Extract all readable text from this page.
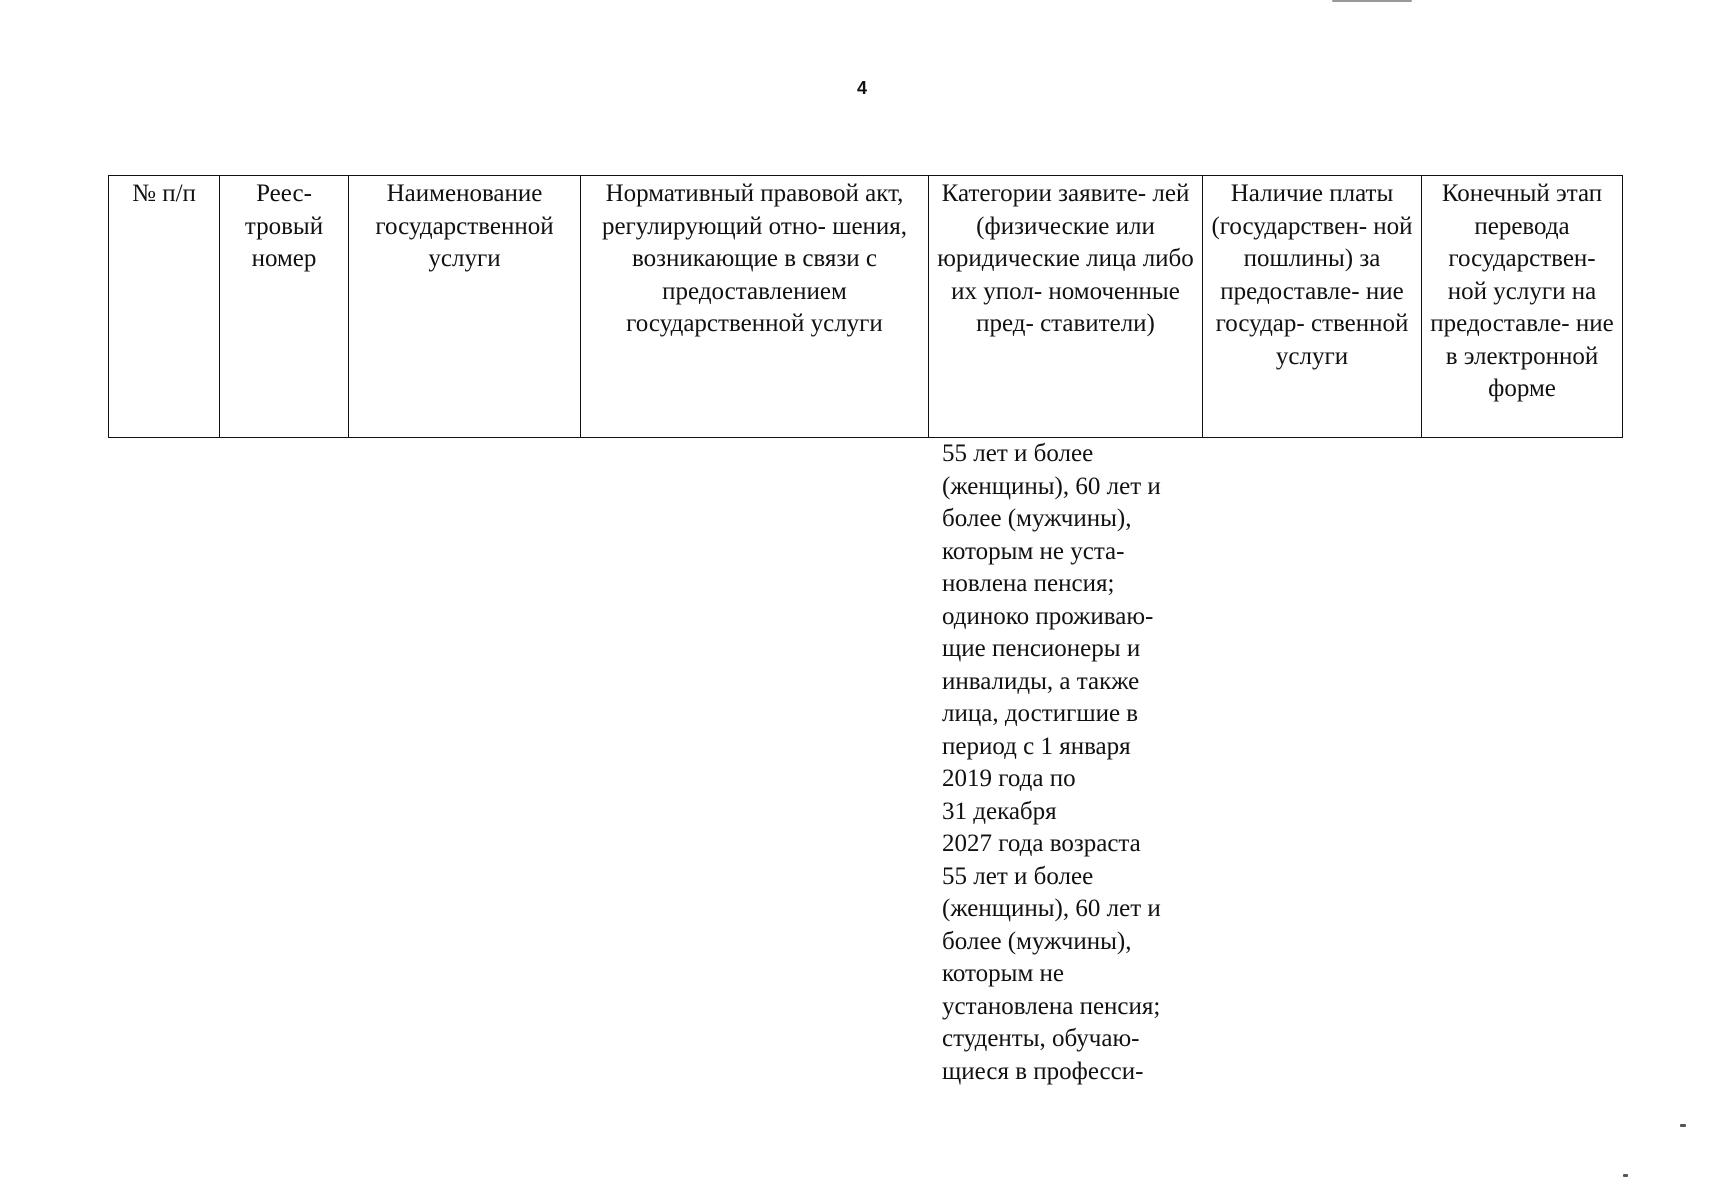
4
№ п/п	Реес- тровый номер	Наименование государственной услуги	Нормативный правовой акт, регулирующий отно- шения, возникающие в связи с предоставлением государственной услуги	Категории заявите- лей (физические или юридические лица либо их упол- номоченные пред- ставители)	Наличие платы (государствен- ной пошлины) за предоставле- ние государ- ственной услуги	Конечный этап перевода государствен- ной услуги на предоставле- ние в электронной форме
55 лет и более
(женщины), 60 лет и
более (мужчины),
которым не уста-
новлена пенсия;
одиноко проживаю-
щие пенсионеры и
инвалиды, а также
лица, достигшие в
период с 1 января
2019 года по
31 декабря
2027 года возраста
55 лет и более
(женщины), 60 лет и
более (мужчины),
которым не
установлена пенсия;
студенты, обучаю-
щиеся в професси-
